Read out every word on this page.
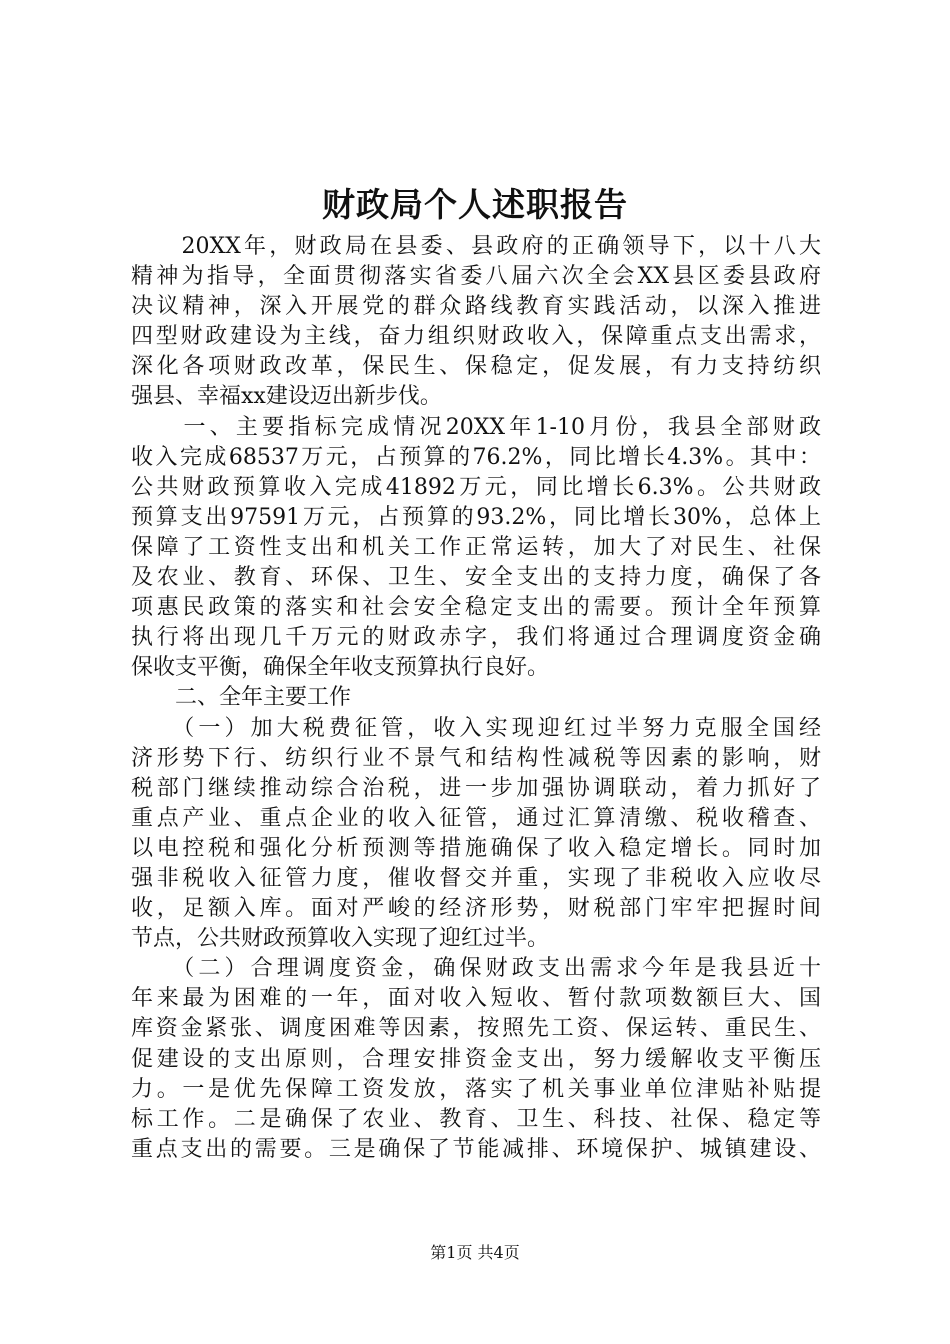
财政局个人述职报告
　　20XX年，财政局在县委、县政府的正确领导下，以十八大
精神为指导，全面贯彻落实省委八届六次全会XX县区委县政府
决议精神，深入开展党的群众路线教育实践活动，以深入推进
四型财政建设为主线，奋力组织财政收入，保障重点支出需求，
深化各项财政改革，保民生、保稳定，促发展，有力支持纺织
强县、幸福xx建设迈出新步伐。
　　一、主要指标完成情况20XX年1-10月份，我县全部财政
收入完成68537万元，占预算的76.2%，同比增长4.3%。其中：
公共财政预算收入完成41892万元，同比增长6.3%。公共财政
预算支出97591万元，占预算的93.2%，同比增长30%，总体上
保障了工资性支出和机关工作正常运转，加大了对民生、社保
及农业、教育、环保、卫生、安全支出的支持力度，确保了各
项惠民政策的落实和社会安全稳定支出的需要。预计全年预算
执行将出现几千万元的财政赤字，我们将通过合理调度资金确
保收支平衡，确保全年收支预算执行良好。
　　二、全年主要工作
　　（一）加大税费征管，收入实现迎红过半努力克服全国经
济形势下行、纺织行业不景气和结构性减税等因素的影响，财
税部门继续推动综合治税，进一步加强协调联动，着力抓好了
重点产业、重点企业的收入征管，通过汇算清缴、税收稽查、
以电控税和强化分析预测等措施确保了收入稳定增长。同时加
强非税收入征管力度，催收督交并重，实现了非税收入应收尽
收，足额入库。面对严峻的经济形势，财税部门牢牢把握时间
节点，公共财政预算收入实现了迎红过半。
　　（二）合理调度资金，确保财政支出需求今年是我县近十
年来最为困难的一年，面对收入短收、暂付款项数额巨大、国
库资金紧张、调度困难等因素，按照先工资、保运转、重民生、
促建设的支出原则，合理安排资金支出，努力缓解收支平衡压
力。一是优先保障工资发放，落实了机关事业单位津贴补贴提
标工作。二是确保了农业、教育、卫生、科技、社保、稳定等
重点支出的需要。三是确保了节能减排、环境保护、城镇建设、
第1页 共4页
